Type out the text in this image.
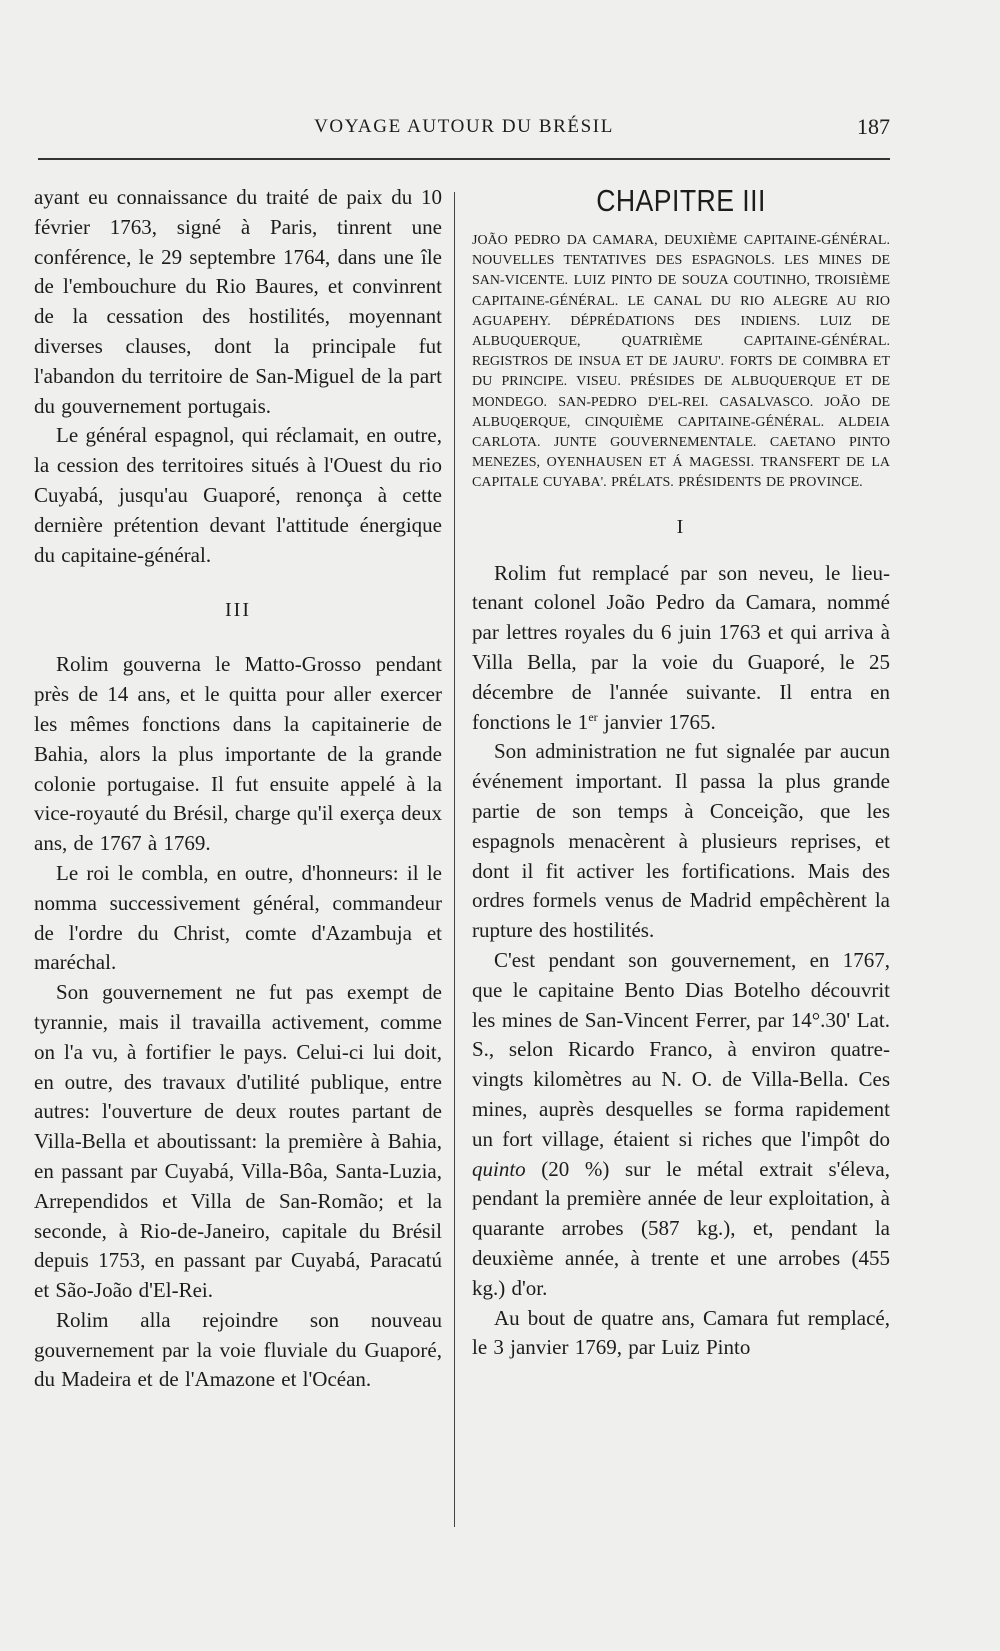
VOYAGE AUTOUR DU BRÉSIL	187

ayant eu connaissance du traité de paix du 10 février 1763, signé à Paris, tinrent une conférence, le 29 septembre 1764, dans une île de l'embouchure du Rio Baures, et convinrent de la cessation des hostilités, moyennant diverses clauses, dont la principale fut l'abandon du territoire de San-Miguel de la part du gouvernement portugais.

Le général espagnol, qui réclamait, en outre, la cession des territoires situés à l'Ouest du rio Cuyabá, jusqu'au Guaporé, renonça à cette dernière prétention devant l'attitude énergique du capitaine-général.

III

Rolim gouverna le Matto-Grosso pendant près de 14 ans, et le quitta pour aller exercer les mêmes fonctions dans la capitainerie de Bahia, alors la plus importante de la grande colonie portugaise. Il fut ensuite appelé à la vice-royauté du Brésil, charge qu'il exerça deux ans, de 1767 à 1769.

Le roi le combla, en outre, d'honneurs: il le nomma successivement général, commandeur de l'ordre du Christ, comte d'Azambuja et maréchal.

Son gouvernement ne fut pas exempt de tyrannie, mais il travailla activement, comme on l'a vu, à fortifier le pays. Celui-ci lui doit, en outre, des travaux d'utilité publique, entre autres: l'ouverture de deux routes partant de Villa-Bella et aboutissant: la première à Bahia, en passant par Cuyabá, Villa-Bôa, Santa-Luzia, Arrependidos et Villa de San-Romão; et la seconde, à Rio-de-Janeiro, capitale du Brésil depuis 1753, en passant par Cuyabá, Paracatú et São-João d'El-Rei.

Rolim alla rejoindre son nouveau gouvernement par la voie fluviale du Guaporé, du Madeira et de l'Amazone et l'Océan.

CHAPITRE III

JOÃO PEDRO DA CAMARA, DEUXIÈME CAPITAINE-GÉNÉRAL. NOUVELLES TENTATIVES DES ESPAGNOLS. LES MINES DE SAN-VICENTE. LUIZ PINTO DE SOUZA COUTINHO, TROISIÈME CAPITAINE-GÉNÉRAL. LE CANAL DU RIO ALEGRE AU RIO AGUAPEHY. DÉPRÉDATIONS DES INDIENS. LUIZ DE ALBUQUERQUE, QUATRIÈME CAPITAINE-GÉNÉRAL. REGISTROS DE INSUA ET DE JAURU'. FORTS DE COIMBRA ET DU PRINCIPE. VISEU. PRÉSIDES DE ALBUQUERQUE ET DE MONDEGO. SAN-PEDRO D'EL-REI. CASALVASCO. JOÃO DE ALBUQERQUE, CINQUIÈME CAPITAINE-GÉNÉRAL. ALDEIA CARLOTA. JUNTE GOUVERNEMENTALE. CAETANO PINTO MENEZES, OYENHAUSEN ET Á MAGESSI. TRANSFERT DE LA CAPITALE CUYABA'. PRÉLATS. PRÉSIDENTS DE PROVINCE.

I

Rolim fut remplacé par son neveu, le lieu-tenant colonel João Pedro da Camara, nommé par lettres royales du 6 juin 1763 et qui arriva à Villa Bella, par la voie du Guaporé, le 25 décembre de l'année suivante. Il entra en fonctions le 1er janvier 1765.

Son administration ne fut signalée par aucun événement important. Il passa la plus grande partie de son temps à Conceição, que les espagnols menacèrent à plusieurs reprises, et dont il fit activer les fortifications. Mais des ordres formels venus de Madrid empêchèrent la rupture des hostilités.

C'est pendant son gouvernement, en 1767, que le capitaine Bento Dias Botelho découvrit les mines de San-Vincent Ferrer, par 14°.30' Lat. S., selon Ricardo Franco, à environ quatre-vingts kilomètres au N. O. de Villa-Bella. Ces mines, auprès desquelles se forma rapidement un fort village, étaient si riches que l'impôt do quinto (20 %) sur le métal extrait s'éleva, pendant la première année de leur exploitation, à quarante arrobes (587 kg.), et, pendant la deuxième année, à trente et une arrobes (455 kg.) d'or.

Au bout de quatre ans, Camara fut remplacé, le 3 janvier 1769, par Luiz Pinto
